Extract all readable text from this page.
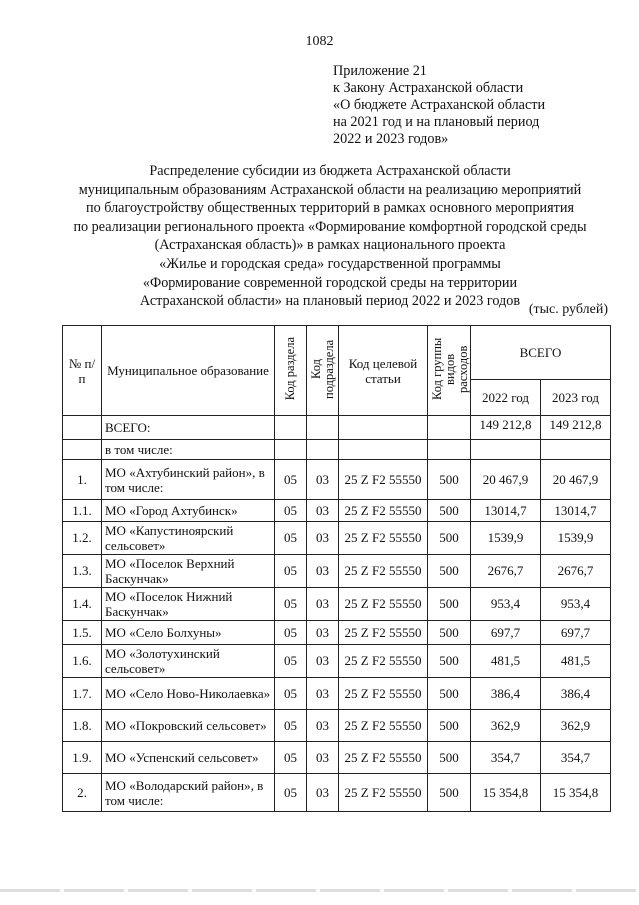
1082
Приложение 21
к Закону Астраханской области
«О бюджете Астраханской области
на 2021 год и на плановый период
2022 и 2023 годов»
Распределение субсидии из бюджета Астраханской области
муниципальным образованиям Астраханской области на реализацию мероприятий
по благоустройству общественных территорий в рамках основного мероприятия
по реализации регионального проекта «Формирование комфортной городской среды
(Астраханская область)» в рамках национального проекта
«Жилье и городская среда» государственной программы
«Формирование современной городской среды на территории
Астраханской области» на плановый период 2022 и 2023 годов
(тыс. рублей)
№ п/п	Муниципальное образование	Код раздела	Код подраздела	Код целевой статьи	Код группы видов расходов	ВСЕГО	
						2022 год	2023 год
	ВСЕГО:					149 212,8	149 212,8
	в том числе:						
1.	МО «Ахтубинский район», в том числе:	05	03	25 Z F2 55550	500	20 467,9	20 467,9
1.1.	МО «Город Ахтубинск»	05	03	25 Z F2 55550	500	13014,7	13014,7
1.2.	МО «Капустиноярский сельсовет»	05	03	25 Z F2 55550	500	1539,9	1539,9
1.3.	МО «Поселок Верхний Баскунчак»	05	03	25 Z F2 55550	500	2676,7	2676,7
1.4.	МО «Поселок Нижний Баскунчак»	05	03	25 Z F2 55550	500	953,4	953,4
1.5.	МО «Село Болхуны»	05	03	25 Z F2 55550	500	697,7	697,7
1.6.	МО «Золотухинский сельсовет»	05	03	25 Z F2 55550	500	481,5	481,5
1.7.	МО «Село Ново-Николаевка»	05	03	25 Z F2 55550	500	386,4	386,4
1.8.	МО «Покровский сельсовет»	05	03	25 Z F2 55550	500	362,9	362,9
1.9.	МО «Успенский сельсовет»	05	03	25 Z F2 55550	500	354,7	354,7
2.	МО «Володарский район», в том числе:	05	03	25 Z F2 55550	500	15 354,8	15 354,8
